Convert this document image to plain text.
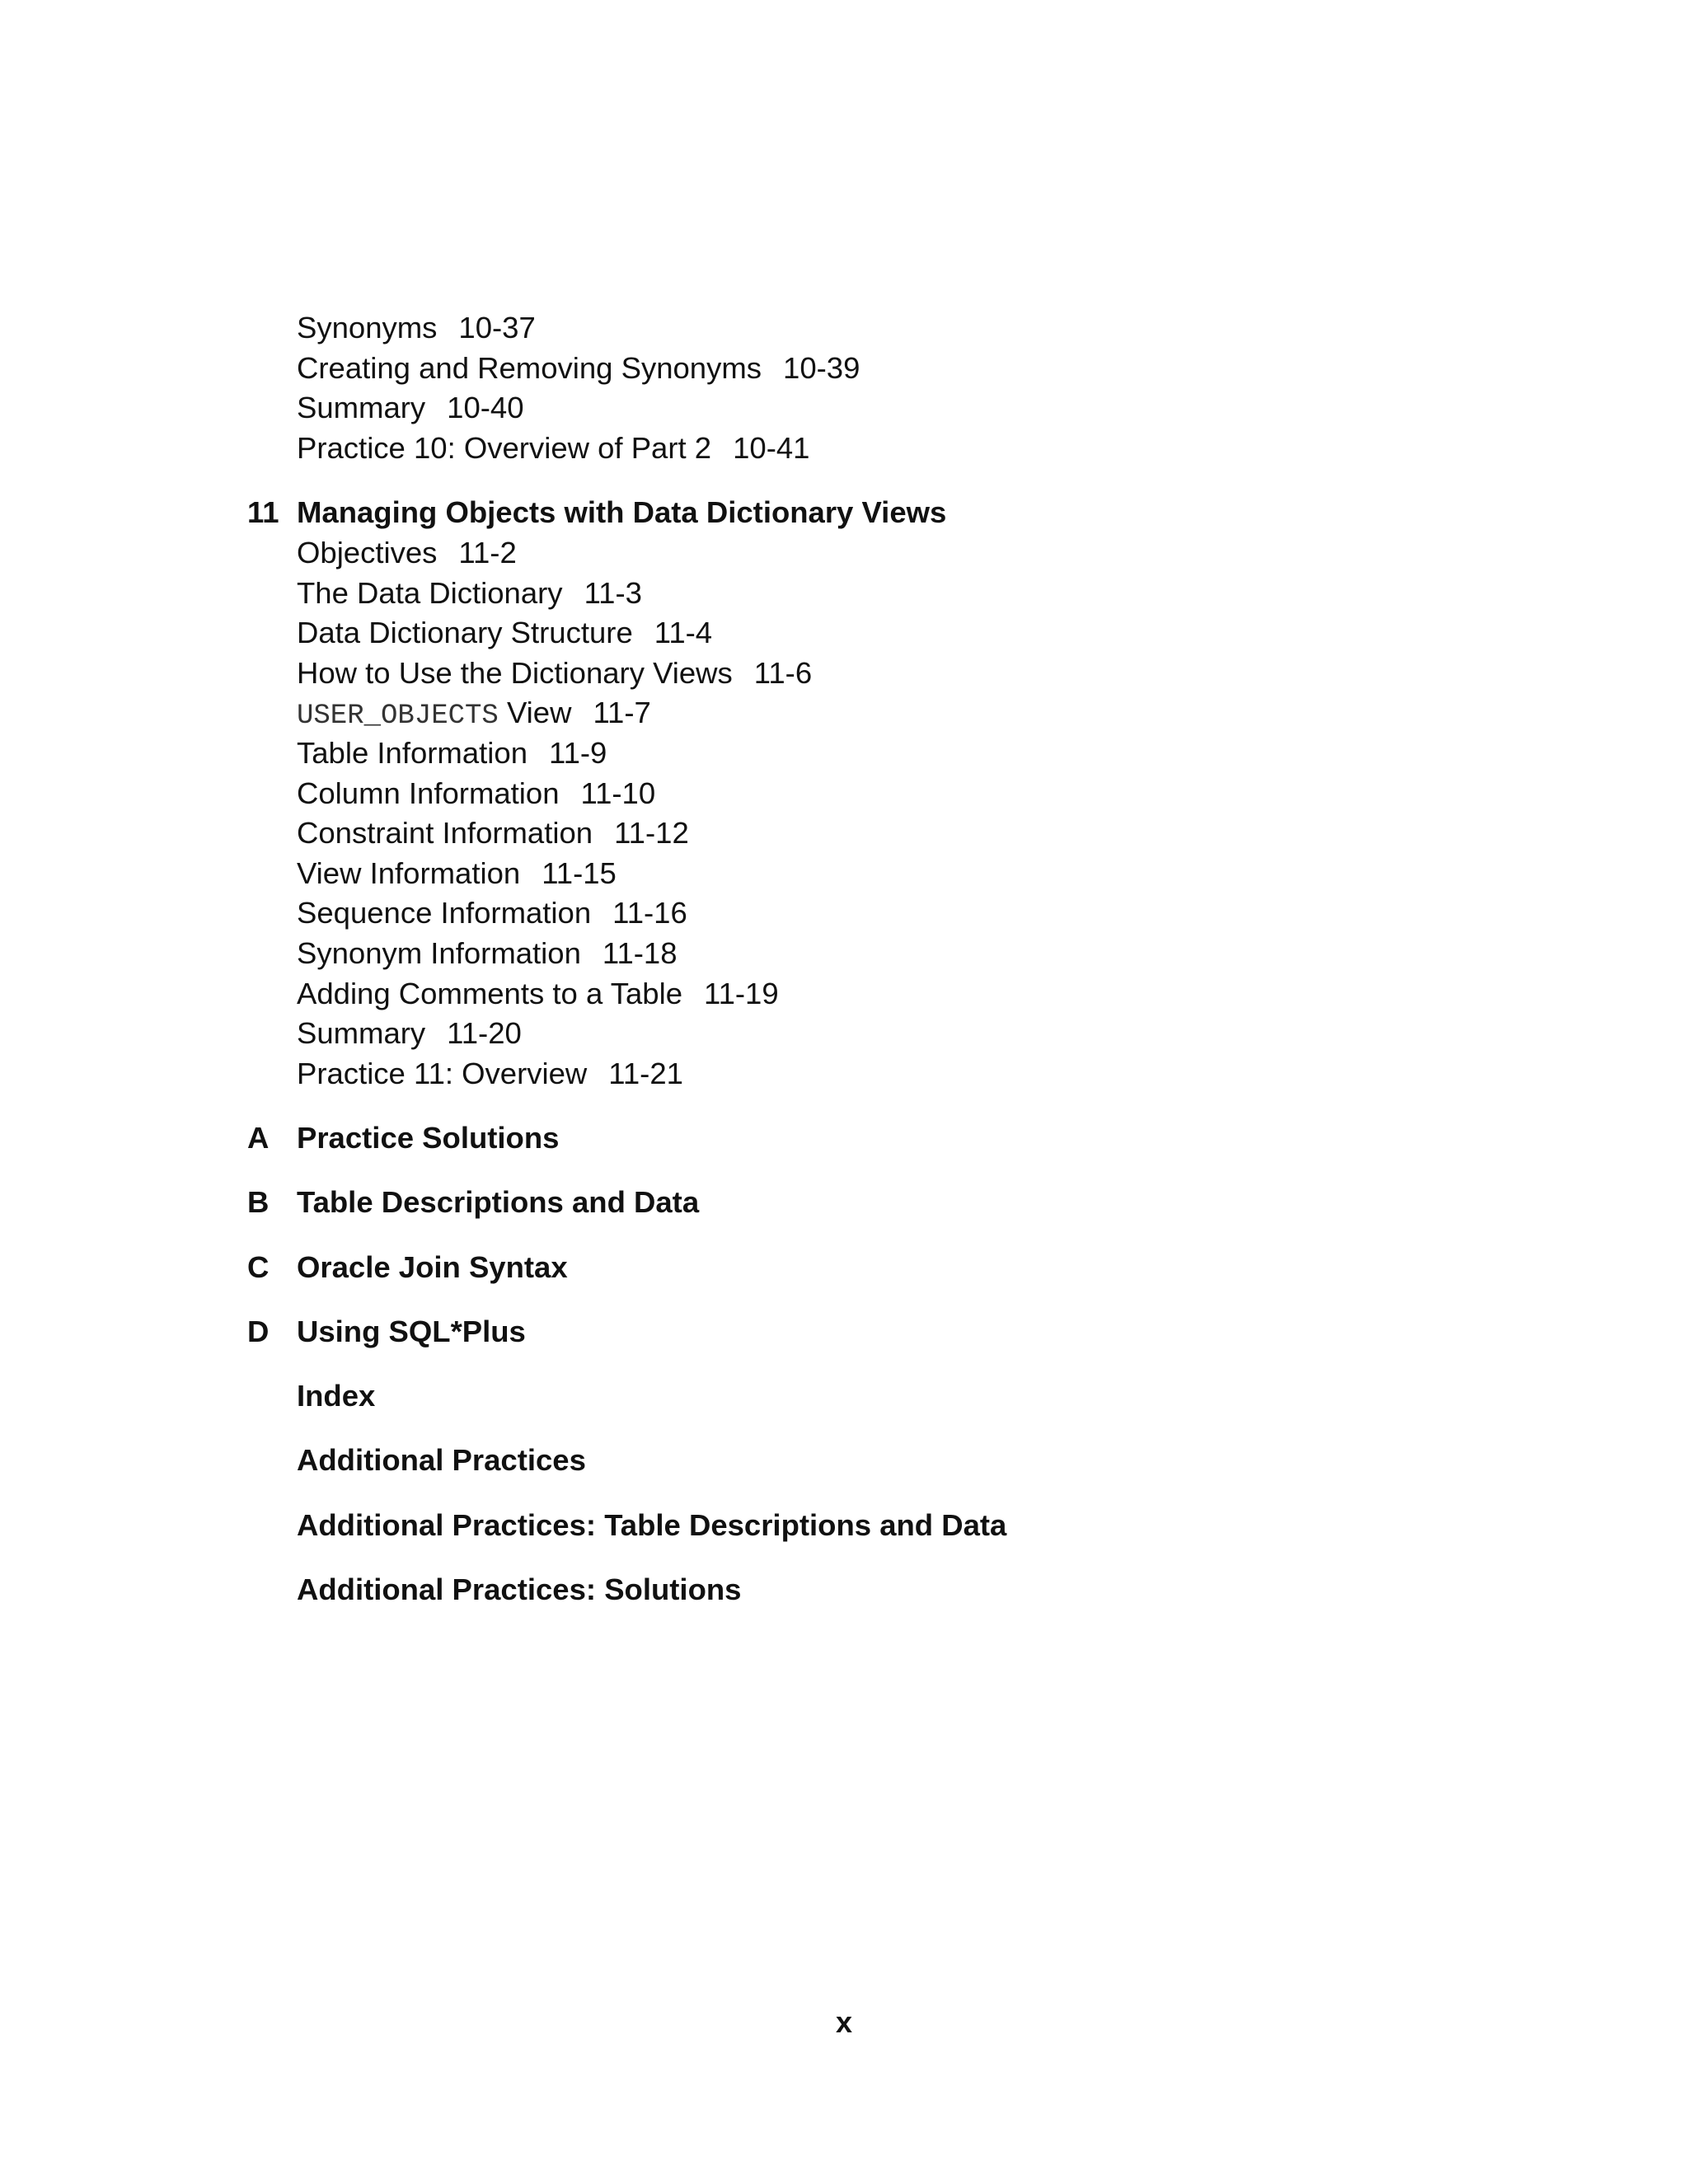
Synonyms 10-37
Creating and Removing Synonyms 10-39
Summary 10-40
Practice 10: Overview of Part 2 10-41
11 Managing Objects with Data Dictionary Views
Objectives 11-2
The Data Dictionary 11-3
Data Dictionary Structure 11-4
How to Use the Dictionary Views 11-6
USER_OBJECTS View 11-7
Table Information 11-9
Column Information 11-10
Constraint Information 11-12
View Information 11-15
Sequence Information 11-16
Synonym Information 11-18
Adding Comments to a Table 11-19
Summary 11-20
Practice 11: Overview 11-21
A Practice Solutions
B Table Descriptions and Data
C Oracle Join Syntax
D Using SQL*Plus
Index
Additional Practices
Additional Practices: Table Descriptions and Data
Additional Practices: Solutions
x
